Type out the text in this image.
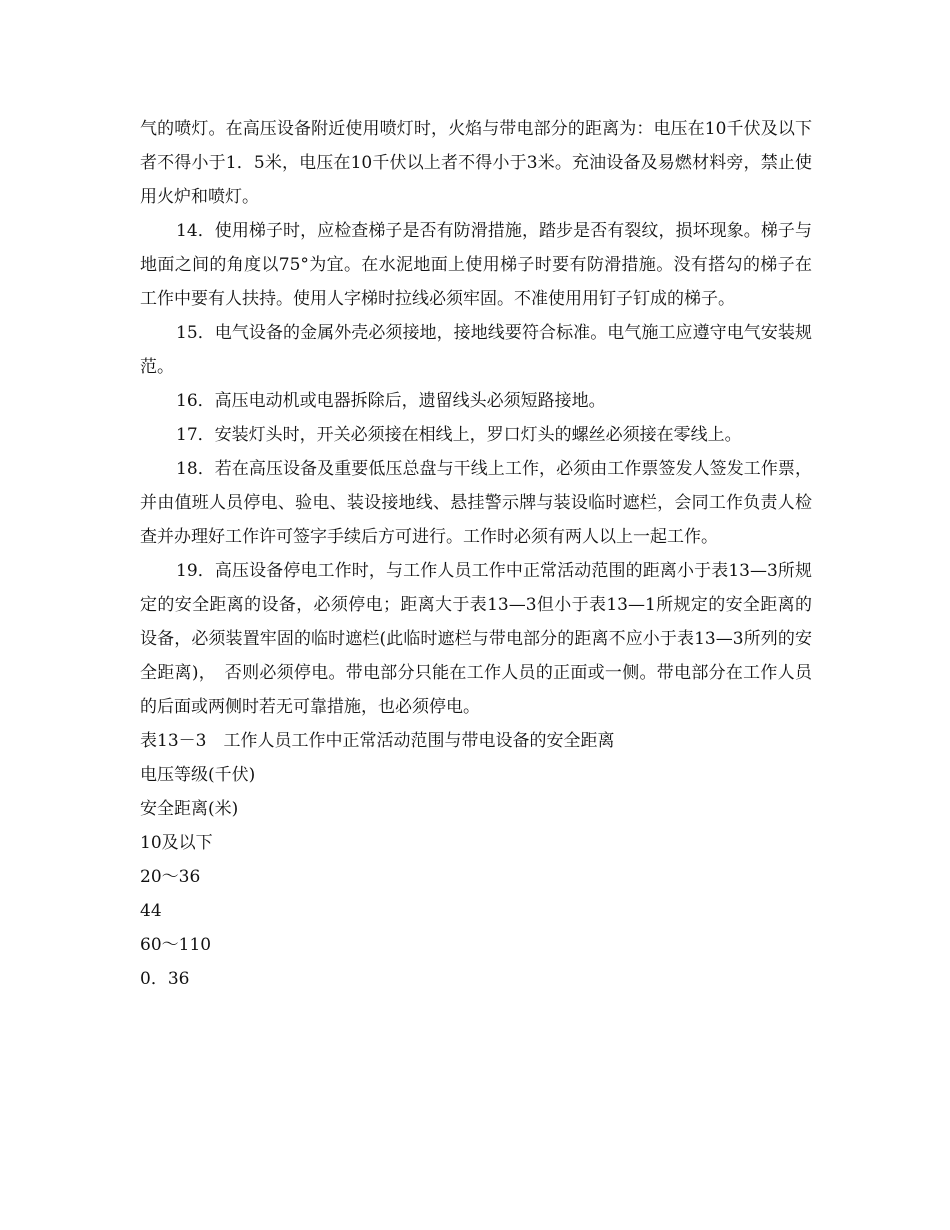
气的喷灯。在高压设备附近使用喷灯时，火焰与带电部分的距离为：电压在10千伏及以下者不得小于1．5米，电压在10千伏以上者不得小于3米。充油设备及易燃材料旁，禁止使用火炉和喷灯。

14．使用梯子时，应检查梯子是否有防滑措施，踏步是否有裂纹，损坏现象。梯子与地面之间的角度以75°为宜。在水泥地面上使用梯子时要有防滑措施。没有搭勾的梯子在工作中要有人扶持。使用人字梯时拉线必须牢固。不准使用用钉子钉成的梯子。

15．电气设备的金属外壳必须接地，接地线要符合标准。电气施工应遵守电气安装规范。

16．高压电动机或电器拆除后，遗留线头必须短路接地。

17．安装灯头时，开关必须接在相线上，罗口灯头的螺丝必须接在零线上。

18．若在高压设备及重要低压总盘与干线上工作，必须由工作票签发人签发工作票，并由值班人员停电、验电、装设接地线、悬挂警示牌与装设临时遮栏，会同工作负责人检查并办理好工作许可签字手续后方可进行。工作时必须有两人以上一起工作。

19．高压设备停电工作时，与工作人员工作中正常活动范围的距离小于表13—3所规定的安全距离的设备，必须停电；距离大于表13—3但小于表13—1所规定的安全距离的设备，必须装置牢固的临时遮栏(此临时遮栏与带电部分的距离不应小于表13—3所列的安全距离)，　否则必须停电。带电部分只能在工作人员的正面或一侧。带电部分在工作人员的后面或两侧时若无可靠措施，也必须停电。

表13－3　工作人员工作中正常活动范围与带电设备的安全距离

电压等级(千伏)

安全距离(米)

10及以下

20～36

44

60～110

0．36
